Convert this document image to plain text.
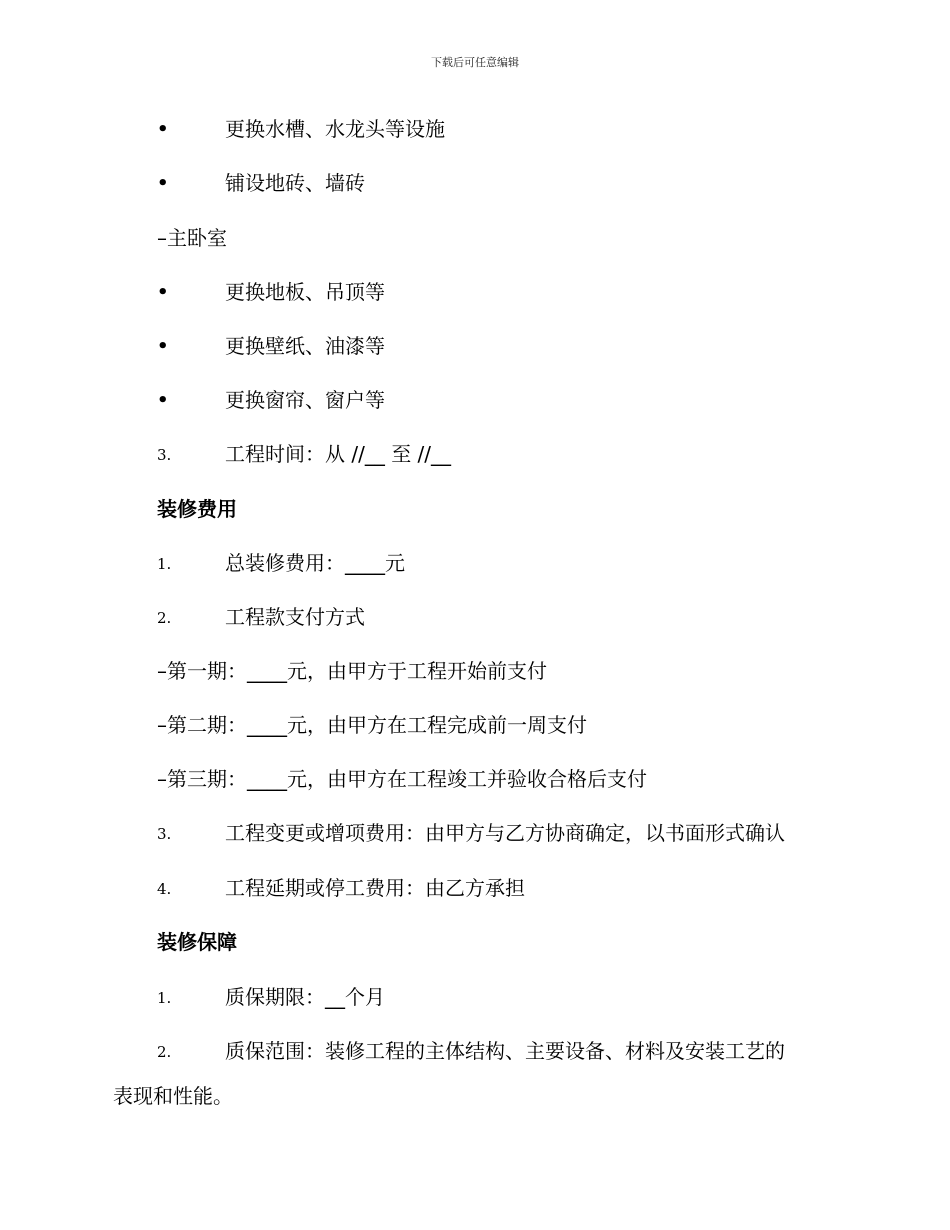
下载后可任意编辑
•	更换水槽、水龙头等设施
•	铺设地砖、墙砖
–主卧室
•	更换地板、吊顶等
•	更换壁纸、油漆等
•	更换窗帘、窗户等
3.	工程时间：从 //__ 至 //__
装修费用
1.	总装修费用：____元
2.	工程款支付方式
–第一期：____元，由甲方于工程开始前支付
–第二期：____元，由甲方在工程完成前一周支付
–第三期：____元，由甲方在工程竣工并验收合格后支付
3.	工程变更或增项费用：由甲方与乙方协商确定，以书面形式确认
4.	工程延期或停工费用：由乙方承担
装修保障
1.	质保期限：__个月
2.	质保范围：装修工程的主体结构、主要设备、材料及安装工艺的
表现和性能。
